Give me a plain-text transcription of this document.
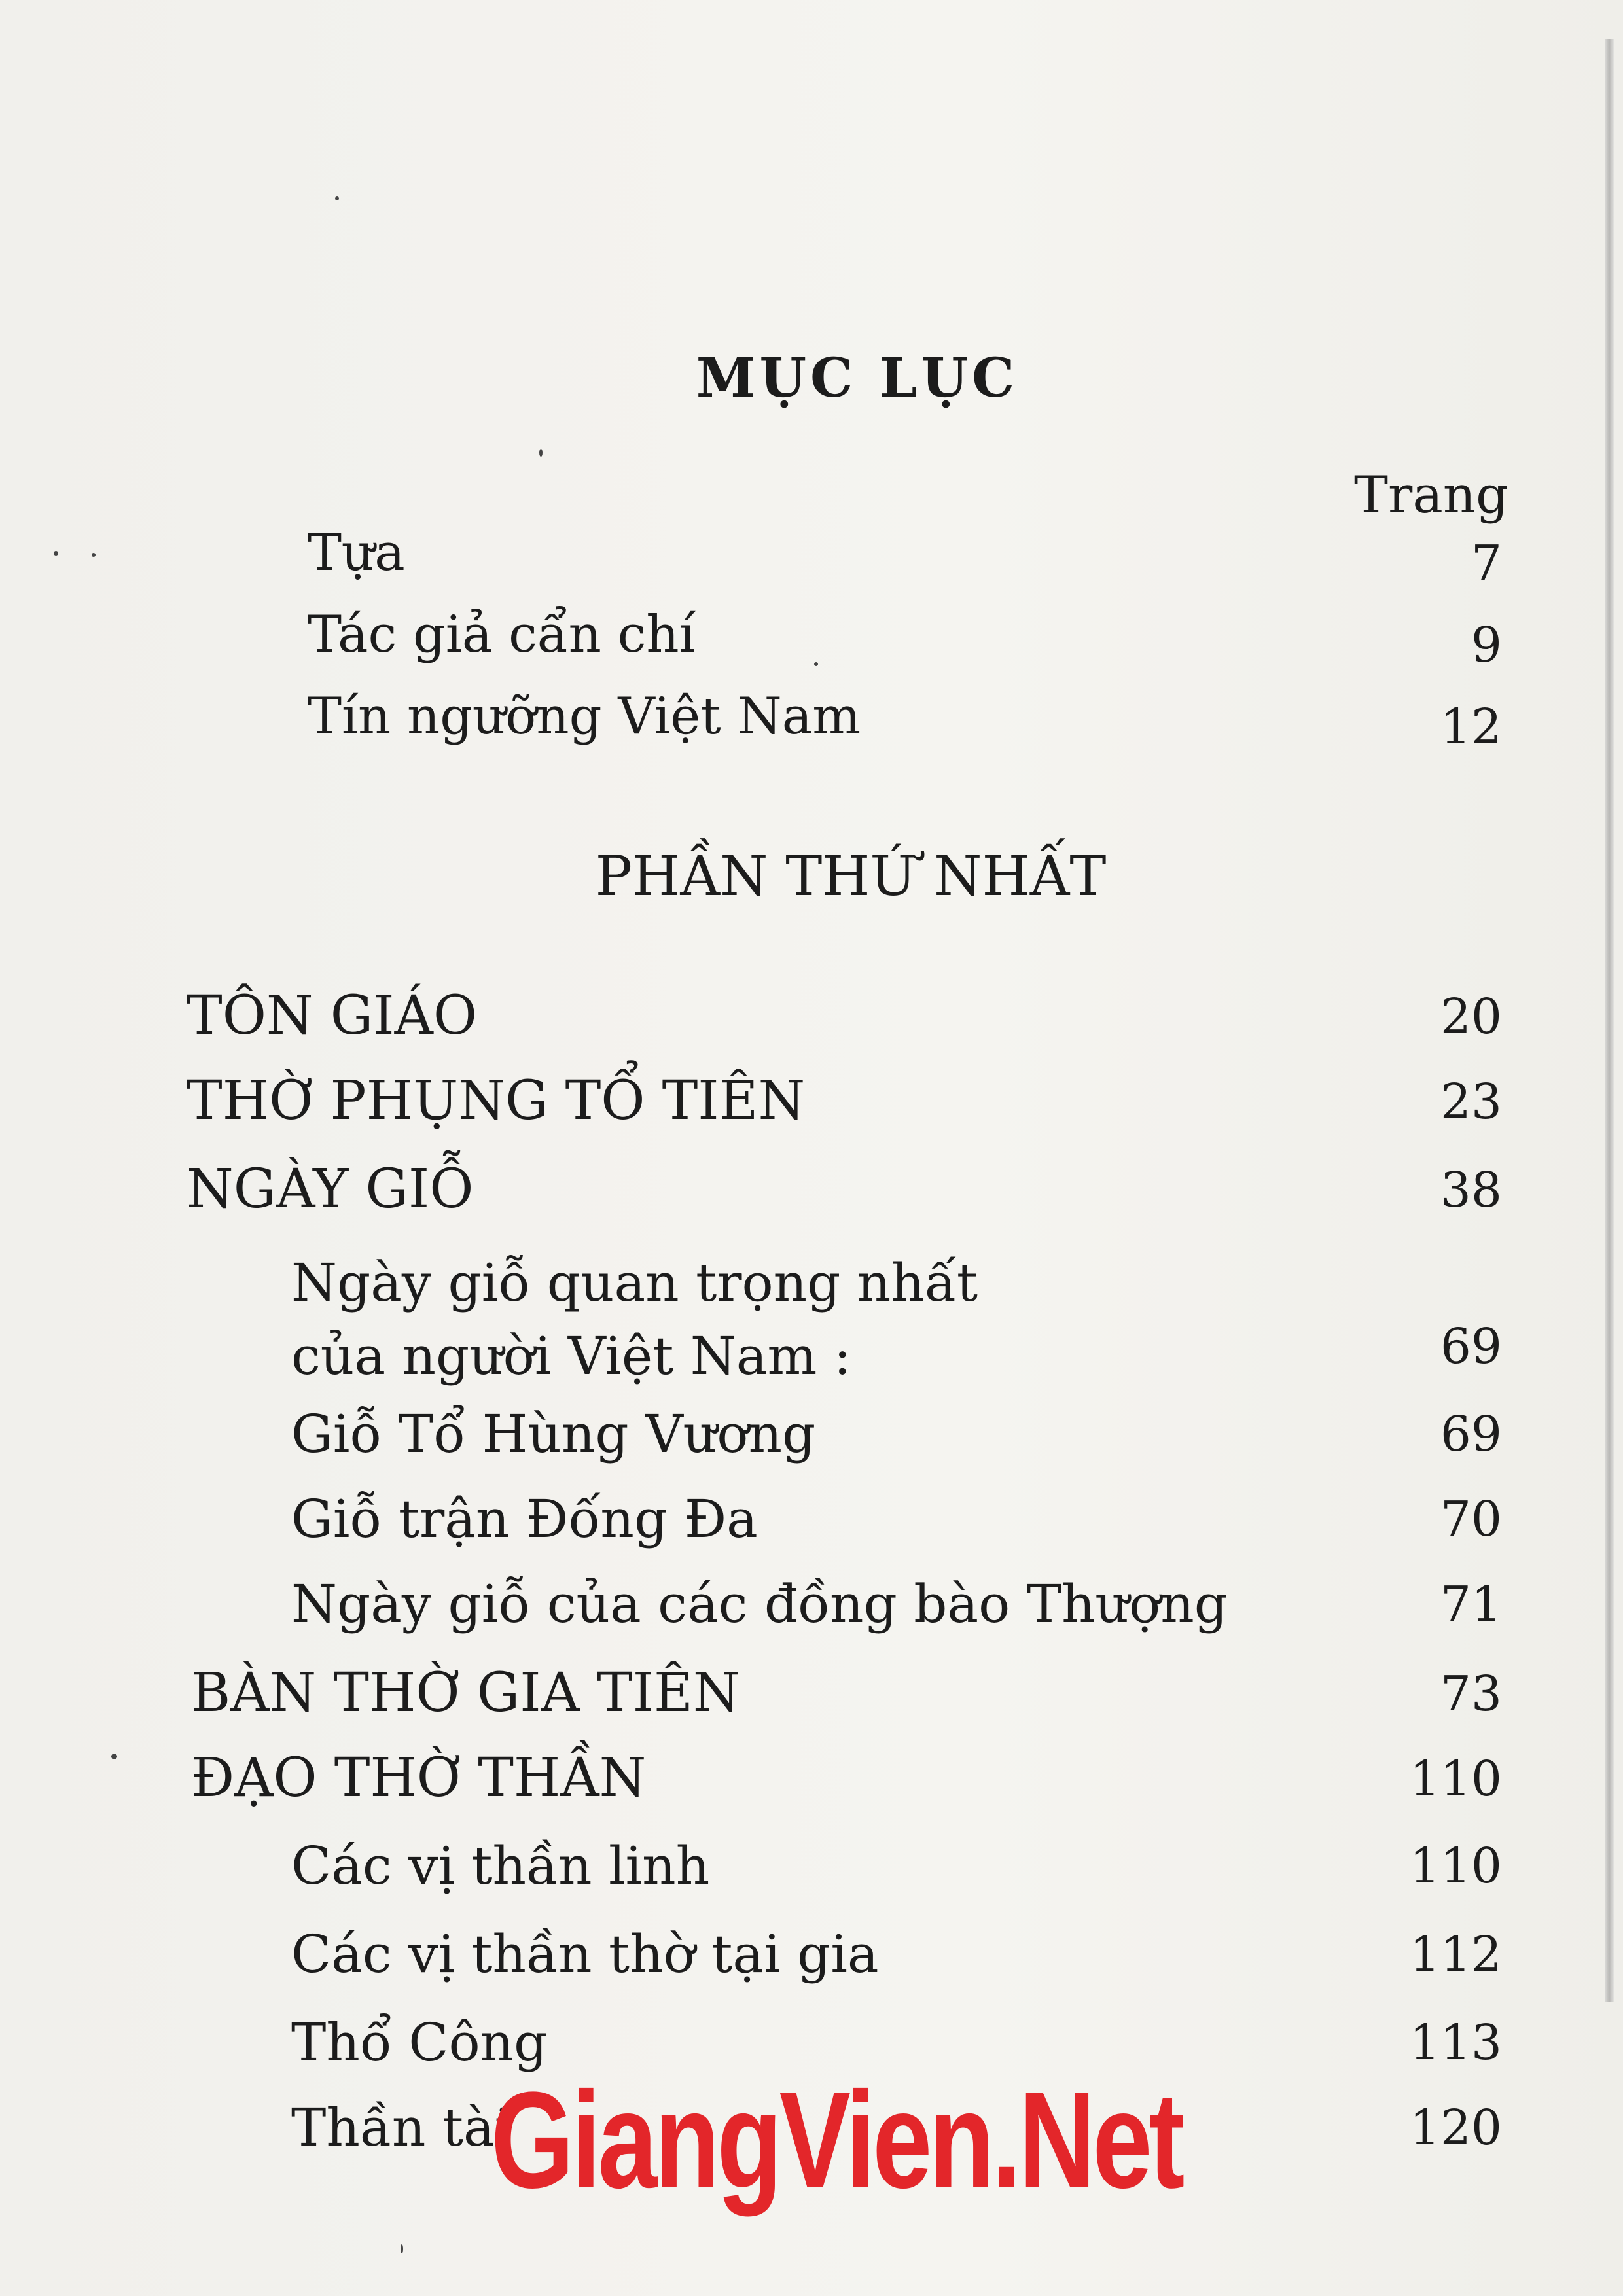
MỤC LỤC
Trang
Tựa	7
Tác giả cẩn chí	9
Tín ngưỡng Việt Nam	12
PHẦN THỨ NHẤT
TÔN GIÁO	20
THỜ PHỤNG TỔ TIÊN	23
NGÀY GIỖ	38
Ngày giỗ quan trọng nhất
của người Việt Nam :	69
Giỗ Tổ Hùng Vương	69
Giỗ trận Đống Đa	70
Ngày giỗ của các đồng bào Thượng	71
BÀN THỜ GIA TIÊN	73
ĐẠO THỜ THẦN	110
Các vị thần linh	110
Các vị thần thờ tại gia	112
Thổ Công	113
Thần tài	120
GiangVien.Net
